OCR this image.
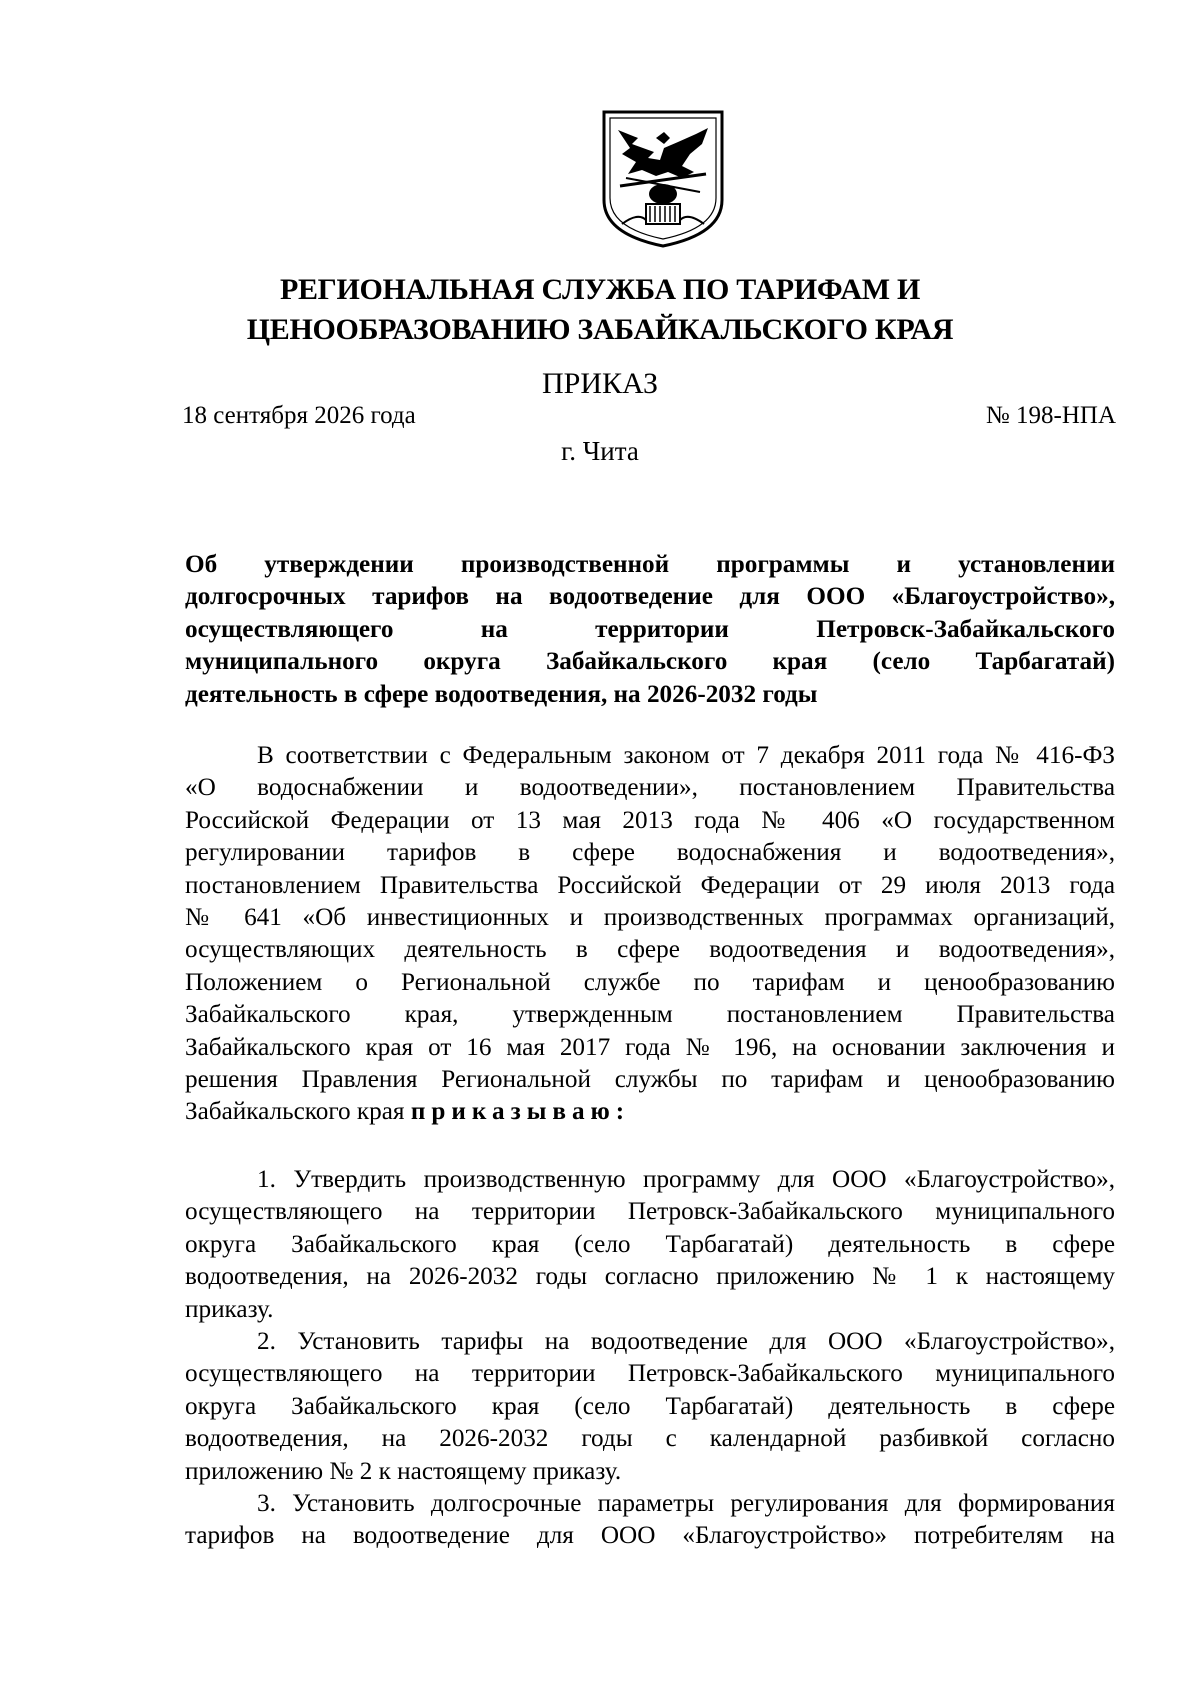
РЕГИОНАЛЬНАЯ СЛУЖБА ПО ТАРИФАМ И
ЦЕНООБРАЗОВАНИЮ ЗАБАЙКАЛЬСКОГО КРАЯ
ПРИКАЗ
18 сентября 2026 года	№ 198-НПА
г. Чита
Об утверждении производственной программы и установлении
долгосрочных тарифов на водоотведение для ООО «Благоустройство»,
осуществляющего на территории Петровск-Забайкальского
муниципального округа Забайкальского края (село Тарбагатай)
деятельность в сфере водоотведения, на 2026-2032 годы
В соответствии с Федеральным законом от 7 декабря 2011 года № 416-ФЗ
«О водоснабжении и водоотведении», постановлением Правительства
Российской Федерации от 13 мая 2013 года № 406 «О государственном
регулировании тарифов в сфере водоснабжения и водоотведения»,
постановлением Правительства Российской Федерации от 29 июля 2013 года
№ 641 «Об инвестиционных и производственных программах организаций,
осуществляющих деятельность в сфере водоотведения и водоотведения»,
Положением о Региональной службе по тарифам и ценообразованию
Забайкальского края, утвержденным постановлением Правительства
Забайкальского края от 16 мая 2017 года № 196, на основании заключения и
решения Правления Региональной службы по тарифам и ценообразованию
Забайкальского края приказываю:
1. Утвердить производственную программу для ООО «Благоустройство»,
осуществляющего на территории Петровск-Забайкальского муниципального
округа Забайкальского края (село Тарбагатай) деятельность в сфере
водоотведения, на 2026-2032 годы согласно приложению № 1 к настоящему
приказу.
2. Установить тарифы на водоотведение для ООО «Благоустройство»,
осуществляющего на территории Петровск-Забайкальского муниципального
округа Забайкальского края (село Тарбагатай) деятельность в сфере
водоотведения, на 2026-2032 годы с календарной разбивкой согласно
приложению № 2 к настоящему приказу.
3. Установить долгосрочные параметры регулирования для формирования
тарифов на водоотведение для ООО «Благоустройство» потребителям на
